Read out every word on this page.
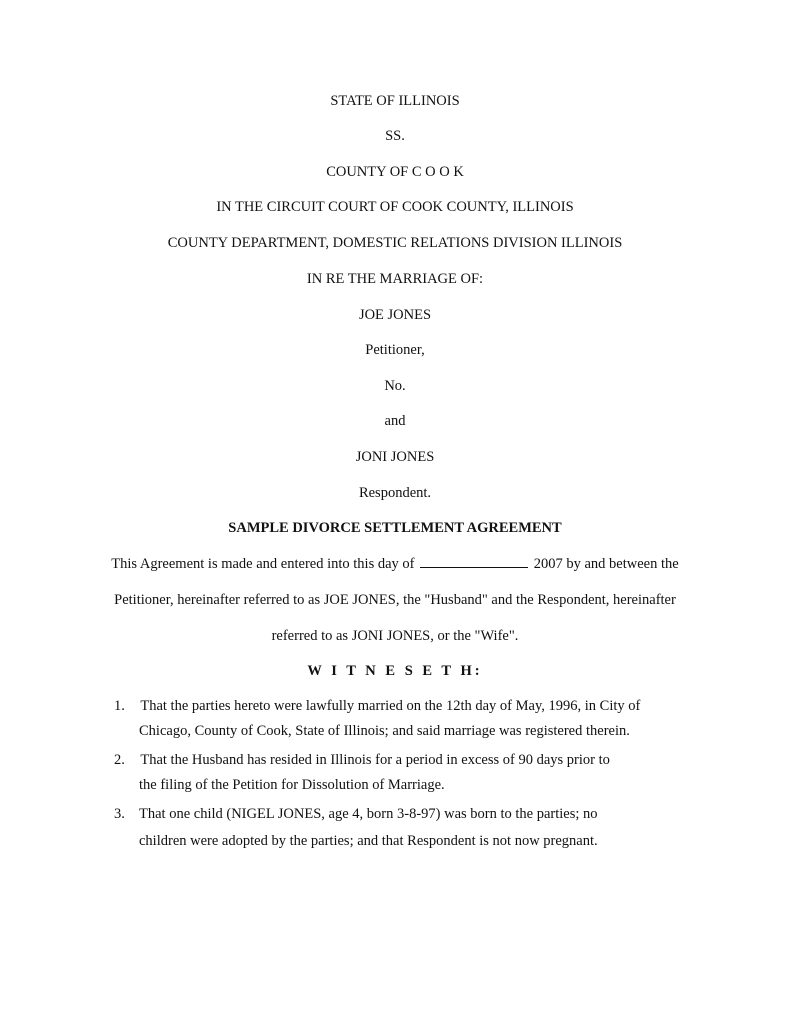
STATE OF ILLINOIS
SS.
COUNTY OF C O O K
IN THE CIRCUIT COURT OF COOK COUNTY, ILLINOIS
COUNTY DEPARTMENT, DOMESTIC RELATIONS DIVISION ILLINOIS
IN RE THE MARRIAGE OF:
JOE JONES
Petitioner,
No.
and
JONI JONES
Respondent.
SAMPLE DIVORCE SETTLEMENT AGREEMENT
This Agreement is made and entered into this day of	2007 by and between the
Petitioner, hereinafter referred to as JOE JONES, the "Husband" and the Respondent, hereinafter
referred to as JONI JONES, or the "Wife".
W I T N E S E T H:
1. That the parties hereto were lawfully married on the 12th day of May, 1996, in City of
Chicago, County of Cook, State of Illinois; and said marriage was registered therein.
2. That the Husband has resided in Illinois for a period in excess of 90 days prior to
the filing of the Petition for Dissolution of Marriage.
3. That one child (NIGEL JONES, age 4, born 3-8-97) was born to the parties; no
children were adopted by the parties; and that Respondent is not now pregnant.
